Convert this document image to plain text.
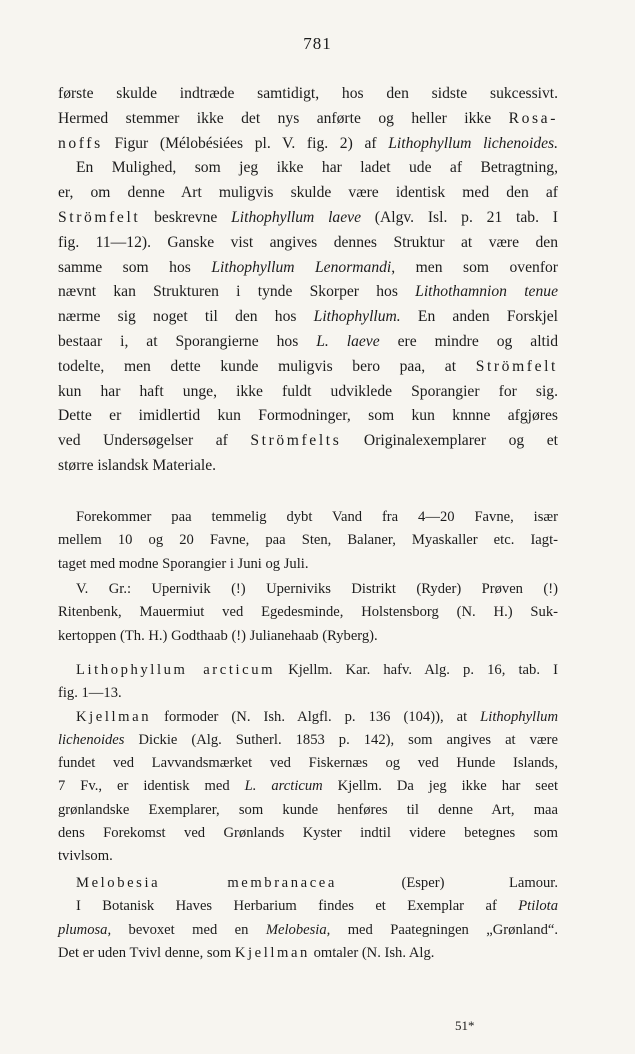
781
første skulde indtræde samtidigt, hos den sidste sukcessivt.
Hermed stemmer ikke det nys anførte og heller ikke Rosa-
noffs Figur (Mélobésiées pl. V. fig. 2) af Lithophyllum lichenoides.
En Mulighed, som jeg ikke har ladet ude af Betragtning,
er, om denne Art muligvis skulde være identisk med den af
Strömfelt beskrevne Lithophyllum laeve (Algv. Isl. p. 21 tab. I
fig. 11—12). Ganske vist angives dennes Struktur at være den
samme som hos Lithophyllum Lenormandi, men som ovenfor
nævnt kan Strukturen i tynde Skorper hos Lithothamnion tenue
nærme sig noget til den hos Lithophyllum. En anden Forskjel
bestaar i, at Sporangierne hos L. laeve ere mindre og altid
todelte, men dette kunde muligvis bero paa, at Strömfelt
kun har haft unge, ikke fuldt udviklede Sporangier for sig.
Dette er imidlertid kun Formodninger, som kun knnne afgjøres
ved Undersøgelser af Strömfelts Originalexemplarer og et
større islandsk Materiale.
Forekommer paa temmelig dybt Vand fra 4—20 Favne, især
mellem 10 og 20 Favne, paa Sten, Balaner, Myaskaller etc. Iagt-
taget med modne Sporangier i Juni og Juli.
V. Gr.: Upernivik (!) Uperniviks Distrikt (Ryder) Prøven (!)
Ritenbenk, Mauermiut ved Egedesminde, Holstensborg (N. H.) Suk-
kertoppen (Th. H.) Godthaab (!) Julianehaab (Ryberg).
Lithophyllum arcticum Kjellm. Kar. hafv. Alg. p. 16, tab. I
fig. 1—13.
Kjellman formoder (N. Ish. Algfl. p. 136 (104)), at Lithophyllum
lichenoides Dickie (Alg. Sutherl. 1853 p. 142), som angives at være
fundet ved Lavvandsmærket ved Fiskernæs og ved Hunde Islands,
7 Fv., er identisk med L. arcticum Kjellm. Da jeg ikke har seet
grønlandske Exemplarer, som kunde henføres til denne Art, maa
dens Forekomst ved Grønlands Kyster indtil videre betegnes som
tvivlsom.
Melobesia membranacea (Esper) Lamour.
I Botanisk Haves Herbarium findes et Exemplar af Ptilota
plumosa, bevoxet med en Melobesia, med Paategningen „Grønland“.
Det er uden Tvivl denne, som Kjellman omtaler (N. Ish. Alg.
51*
